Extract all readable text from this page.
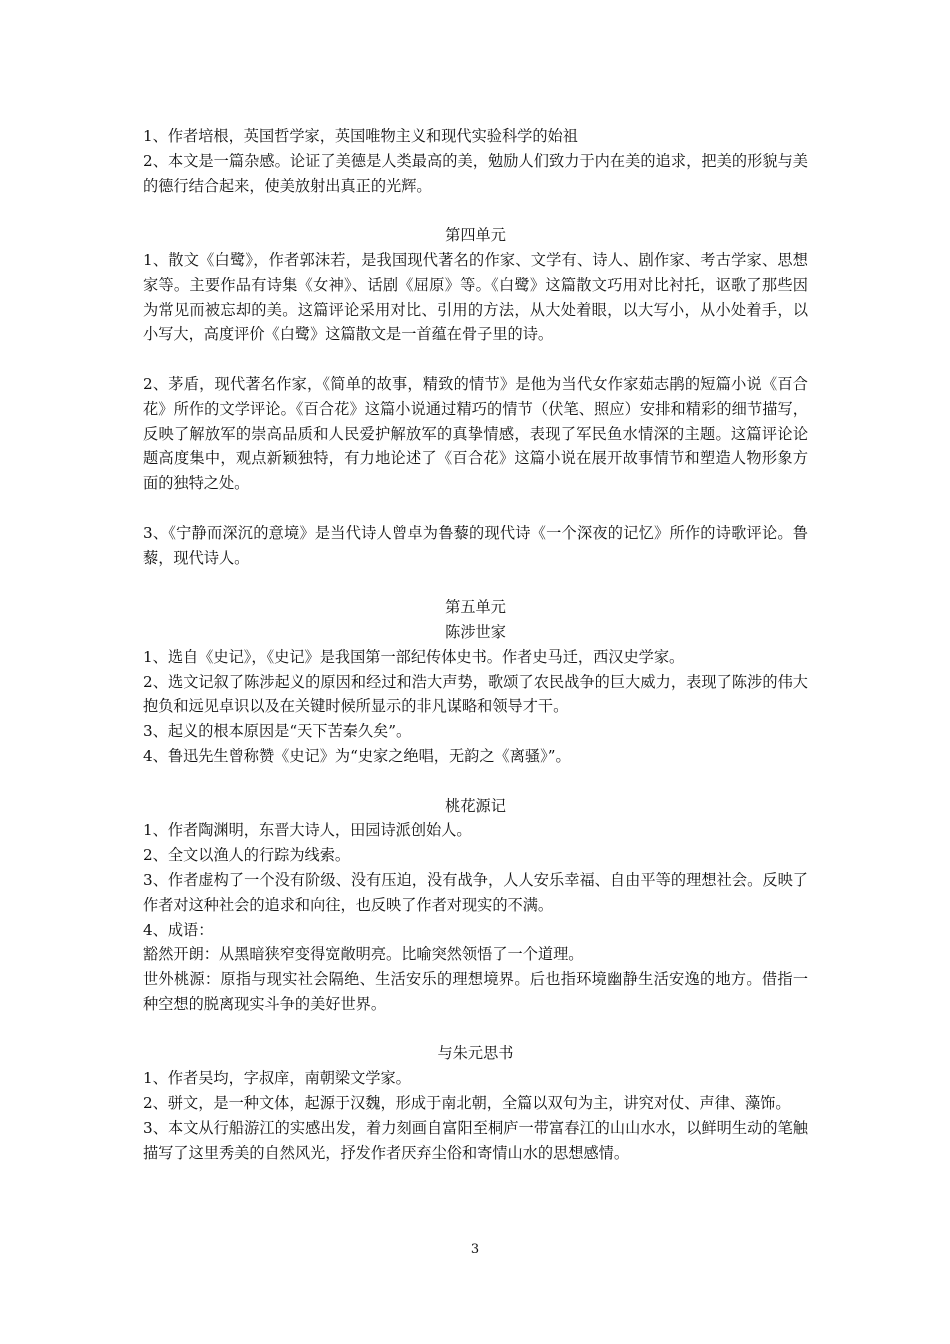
1、作者培根，英国哲学家，英国唯物主义和现代实验科学的始祖

2、本文是一篇杂感。论证了美德是人类最高的美，勉励人们致力于内在美的追求，把美的形貌与美的德行结合起来，使美放射出真正的光辉。

第四单元

1、散文《白鹭》，作者郭沫若，是我国现代著名的作家、文学有、诗人、剧作家、考古学家、思想家等。主要作品有诗集《女神》、话剧《屈原》等。《白鹭》这篇散文巧用对比衬托，讴歌了那些因为常见而被忘却的美。这篇评论采用对比、引用的方法，从大处着眼，以大写小，从小处着手，以小写大，高度评价《白鹭》这篇散文是一首蕴在骨子里的诗。

2、茅盾，现代著名作家，《简单的故事，精致的情节》是他为当代女作家茹志鹃的短篇小说《百合花》所作的文学评论。《百合花》这篇小说通过精巧的情节（伏笔、照应）安排和精彩的细节描写，反映了解放军的崇高品质和人民爱护解放军的真挚情感，表现了军民鱼水情深的主题。这篇评论论题高度集中，观点新颖独特，有力地论述了《百合花》这篇小说在展开故事情节和塑造人物形象方面的独特之处。

3、《宁静而深沉的意境》是当代诗人曾卓为鲁藜的现代诗《一个深夜的记忆》所作的诗歌评论。鲁藜，现代诗人。

第五单元

陈涉世家

1、选自《史记》，《史记》是我国第一部纪传体史书。作者史马迁，西汉史学家。

2、选文记叙了陈涉起义的原因和经过和浩大声势，歌颂了农民战争的巨大威力，表现了陈涉的伟大抱负和远见卓识以及在关键时候所显示的非凡谋略和领导才干。

3、起义的根本原因是“天下苦秦久矣”。

4、鲁迅先生曾称赞《史记》为“史家之绝唱，无韵之《离骚》”。

桃花源记

1、作者陶渊明，东晋大诗人，田园诗派创始人。

2、全文以渔人的行踪为线索。

3、作者虚构了一个没有阶级、没有压迫，没有战争，人人安乐幸福、自由平等的理想社会。反映了作者对这种社会的追求和向往，也反映了作者对现实的不满。

4、成语：

豁然开朗：从黑暗狭窄变得宽敞明亮。比喻突然领悟了一个道理。

世外桃源：原指与现实社会隔绝、生活安乐的理想境界。后也指环境幽静生活安逸的地方。借指一种空想的脱离现实斗争的美好世界。

与朱元思书

1、作者吴均，字叔庠，南朝梁文学家。

2、骈文，是一种文体，起源于汉魏，形成于南北朝，全篇以双句为主，讲究对仗、声律、藻饰。

3、本文从行船游江的实感出发，着力刻画自富阳至桐庐一带富春江的山山水水，以鲜明生动的笔触描写了这里秀美的自然风光，抒发作者厌弃尘俗和寄情山水的思想感情。

3
